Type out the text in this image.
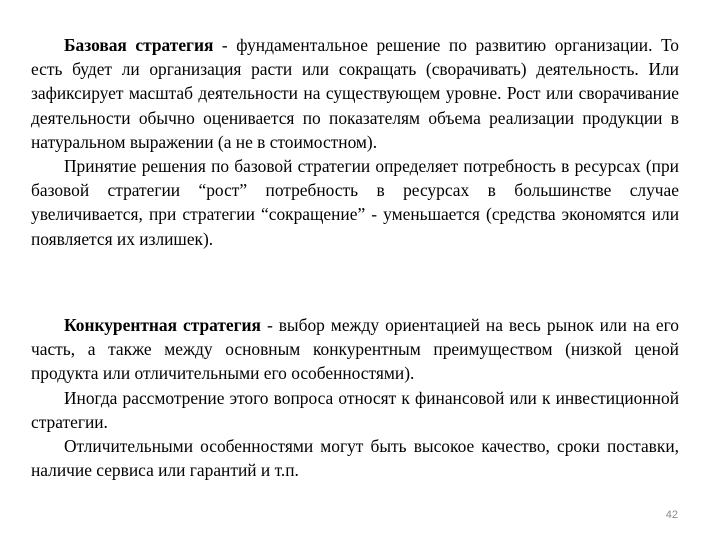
Базовая стратегия - фундаментальное решение по развитию организации. То есть будет ли организация расти или сокращать (сворачивать) деятельность. Или зафиксирует масштаб деятельности на существующем уровне. Рост или сворачивание деятельности обычно оценивается по показателям объема реализации продукции в натуральном выражении (а не в стоимостном).

Принятие решения по базовой стратегии определяет потребность в ресурсах (при базовой стратегии “рост” потребность в ресурсах в большинстве случае увеличивается, при стратегии “сокращение” - уменьшается (средства экономятся или появляется их излишек).

Конкурентная стратегия - выбор между ориентацией на весь рынок или на его часть, а также между основным конкурентным преимуществом (низкой ценой продукта или отличительными его особенностями).

Иногда рассмотрение этого вопроса относят к финансовой или к инвестиционной стратегии.

Отличительными особенностями могут быть высокое качество, сроки поставки, наличие сервиса или гарантий и т.п.

42
